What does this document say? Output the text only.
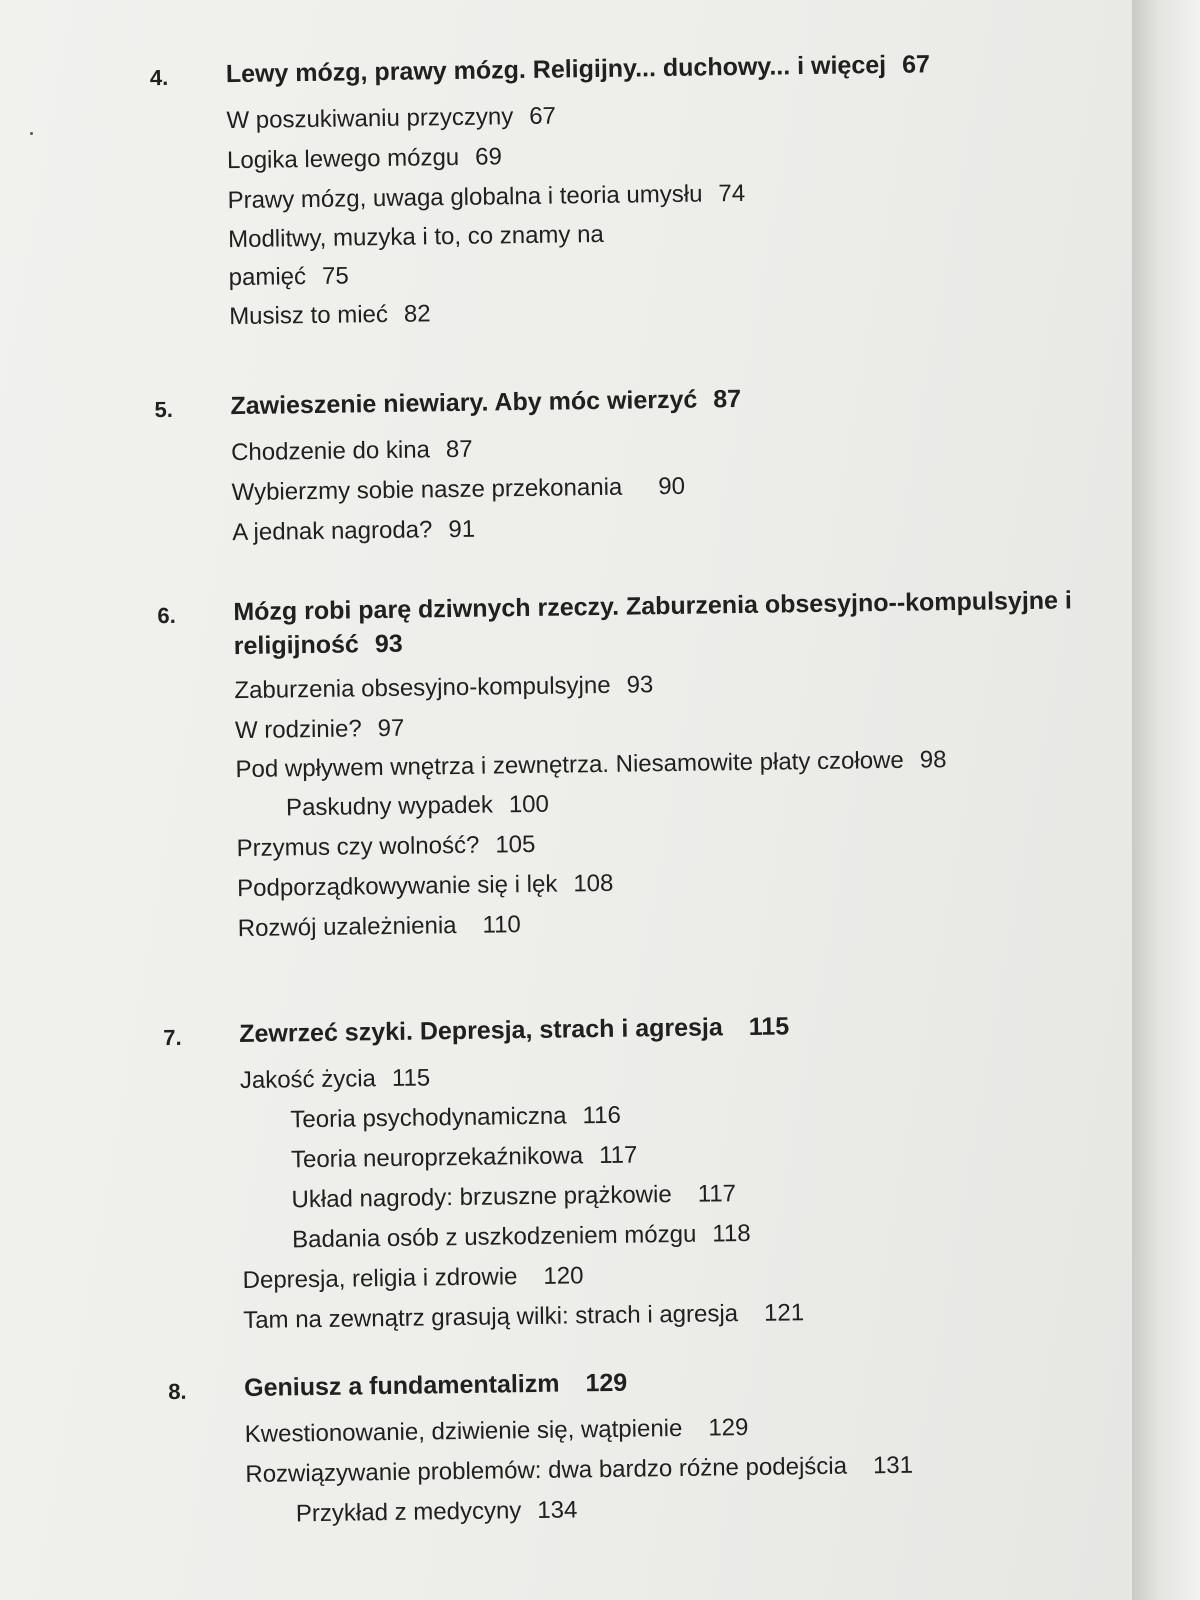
4.	Lewy mózg, prawy mózg. Religijny... duchowy... i więcej 67
W poszukiwaniu przyczyny 67
Logika lewego mózgu 69
Prawy mózg, uwaga globalna i teoria umysłu 74
Modlitwy, muzyka i to, co znamy na pamięć 75
Musisz to mieć 82
5.	Zawieszenie niewiary. Aby móc wierzyć 87
Chodzenie do kina 87
Wybierzmy sobie nasze przekonania 90
A jednak nagroda? 91
6.	Mózg robi parę dziwnych rzeczy. Zaburzenia obsesyjno--kompulsyjne i religijność 93
Zaburzenia obsesyjno-kompulsyjne 93
W rodzinie? 97
Pod wpływem wnętrza i zewnętrza. Niesamowite płaty czołowe 98
Paskudny wypadek 100
Przymus czy wolność? 105
Podporządkowywanie się i lęk 108
Rozwój uzależnienia 110
7.	Zewrzeć szyki. Depresja, strach i agresja 115
Jakość życia 115
Teoria psychodynamiczna 116
Teoria neuroprzekaźnikowa 117
Układ nagrody: brzuszne prążkowie 117
Badania osób z uszkodzeniem mózgu 118
Depresja, religia i zdrowie 120
Tam na zewnątrz grasują wilki: strach i agresja 121
8.	Geniusz a fundamentalizm 129
Kwestionowanie, dziwienie się, wątpienie 129
Rozwiązywanie problemów: dwa bardzo różne podejścia 131
Przykład z medycyny 134
